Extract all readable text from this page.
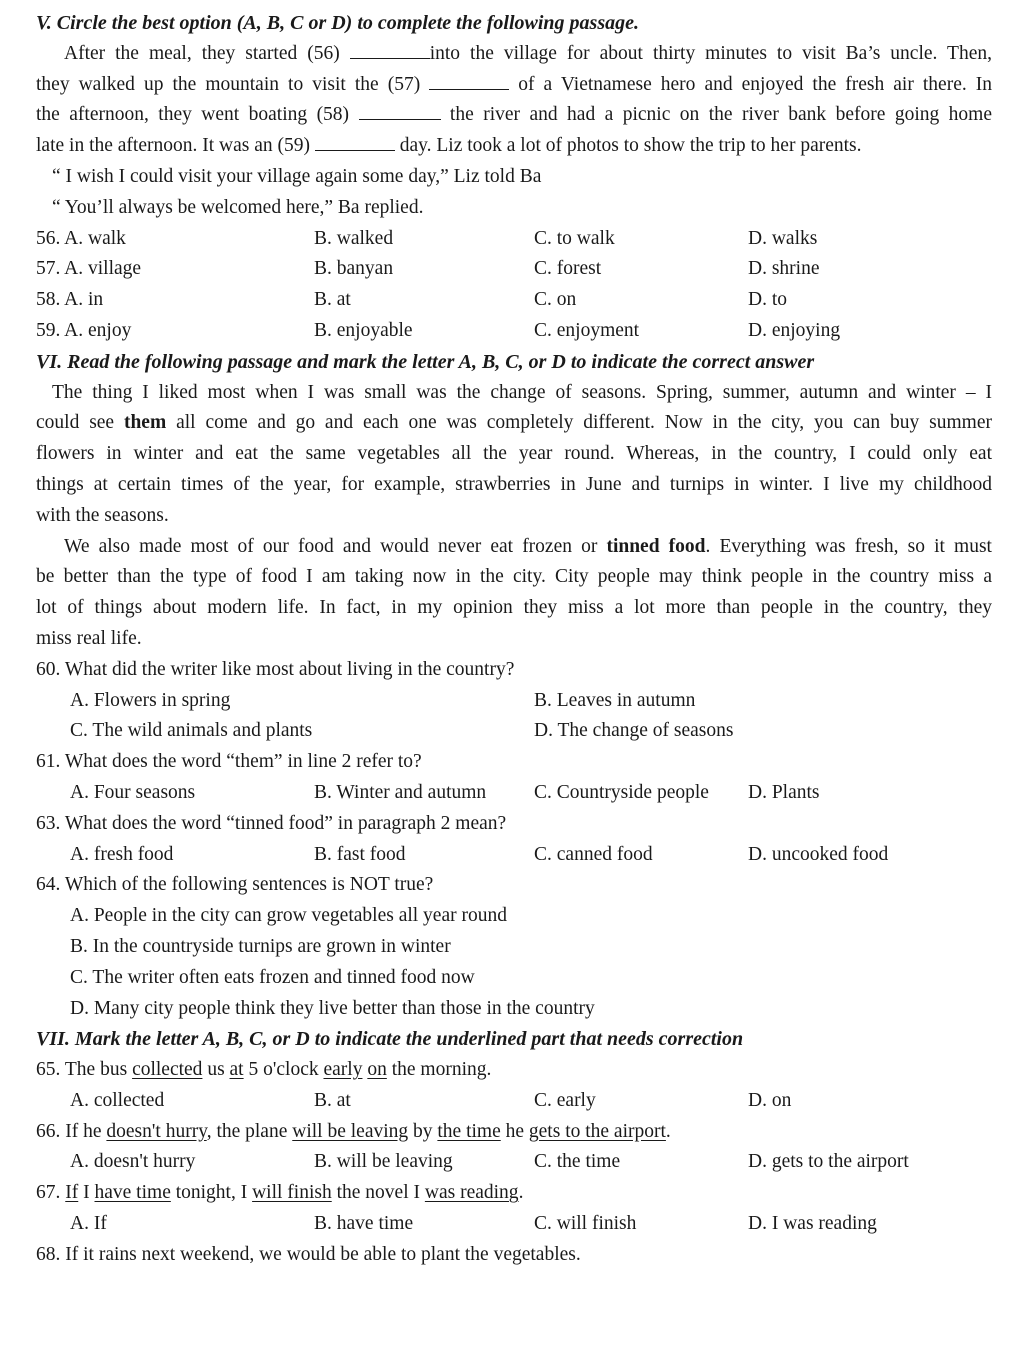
V. Circle the best option (A, B, C or D) to complete the following passage.
After the meal, they started (56)	into the village for about thirty minutes to visit Ba’s uncle. Then,
they walked up the mountain to visit the (57)	of a Vietnamese hero and enjoyed the fresh air there. In
the afternoon, they went boating (58)	the river and had a picnic on the river bank before going home
late in the afternoon. It was an (59)	day. Liz took a lot of photos to show the trip to her parents.
“ I wish I could visit your village again some day,” Liz told Ba
“ You’ll always be welcomed here,” Ba replied.
56. A. walk	B. walked	C. to walk	D. walks
57. A. village	B. banyan	C. forest	D. shrine
58. A. in	B. at	C. on	D. to
59. A. enjoy	B. enjoyable	C. enjoyment	D. enjoying
VI. Read the following passage and mark the letter A, B, C, or D to indicate the correct answer
The thing I liked most when I was small was the change of seasons. Spring, summer, autumn and winter – I
could see them all come and go and each one was completely different. Now in the city, you can buy summer
flowers in winter and eat the same vegetables all the year round. Whereas, in the country, I could only eat
things at certain times of the year, for example, strawberries in June and turnips in winter. I live my childhood
with the seasons.
We also made most of our food and would never eat frozen or tinned food. Everything was fresh, so it must
be better than the type of food I am taking now in the city. City people may think people in the country miss a
lot of things about modern life. In fact, in my opinion they miss a lot more than people in the country, they
miss real life.
60. What did the writer like most about living in the country?
A. Flowers in spring	B. Leaves in autumn
C. The wild animals and plants	D. The change of seasons
61. What does the word “them” in line 2 refer to?
A. Four seasons	B. Winter and autumn C. Countryside people D. Plants
63. What does the word “tinned food” in paragraph 2 mean?
A. fresh food	B. fast food	C. canned food	D. uncooked food
64. Which of the following sentences is NOT true?
A. People in the city can grow vegetables all year round
B. In the countryside turnips are grown in winter
C. The writer often eats frozen and tinned food now
D. Many city people think they live better than those in the country
VII. Mark the letter A, B, C, or D to indicate the underlined part that needs correction
65. The bus collected us at 5 o'clock early on the morning.
A. collected	B. at	C. early	D. on
66. If he doesn't hurry, the plane will be leaving by the time he gets to the airport.
A. doesn't hurry	B. will be leaving	C. the time	D. gets to the airport
67. If I have time tonight, I will finish the novel I was reading.
A. If	B. have time	C. will finish	D. I was reading
68. If it rains next weekend, we would be able to plant the vegetables.
